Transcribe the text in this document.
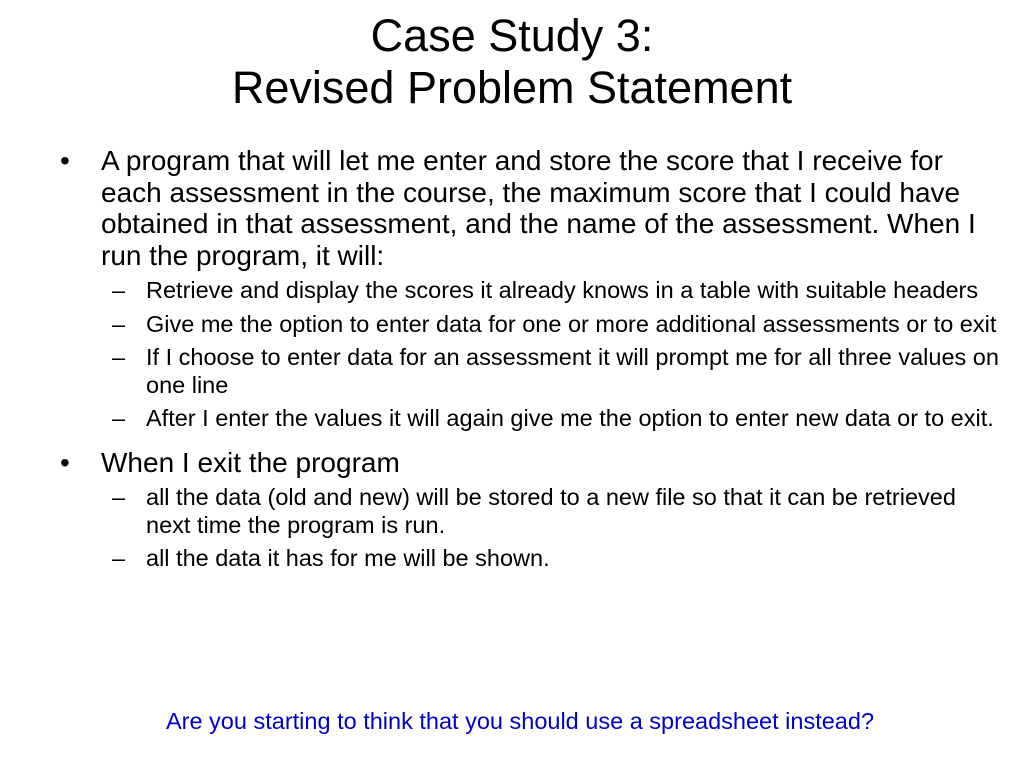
Case Study 3:
Revised Problem Statement
• A program that will let me enter and store the score that I receive for each assessment in the course, the maximum score that I could have obtained in that assessment, and the name of the assessment. When I run the program, it will:
– Retrieve and display the scores it already knows in a table with suitable headers
– Give me the option to enter data for one or more additional assessments or to exit
– If I choose to enter data for an assessment it will prompt me for all three values on one line
– After I enter the values it will again give me the option to enter new data or to exit.
• When I exit the program
– all the data (old and new) will be stored to a new file so that it can be retrieved next time the program is run.
– all the data it has for me will be shown.
Are you starting to think that you should use a spreadsheet instead?
